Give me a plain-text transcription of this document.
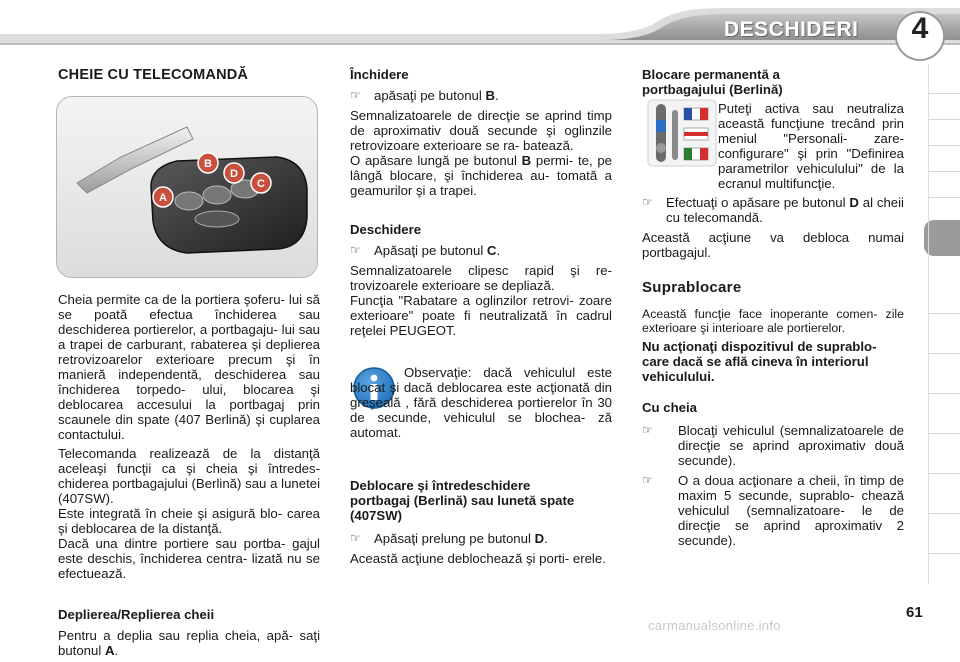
DESCHIDERI	4
CHEIE CU TELECOMANDĂ
B
D
C
A

Cheia permite ca de la portiera şoferu- lui să se poată efectua închiderea sau deschiderea portierelor, a portbagaju- lui sau a trapei de carburant, rabaterea şi deplierea retrovizoarelor exterioare precum şi în manieră independentă, deschiderea sau închiderea torpedo- ului, blocarea şi deblocarea accesului la portbagaj prin scaunele din spate (407 Berlină) şi cuplarea contactului.

Telecomanda realizează de la distanţă aceleaşi funcţii ca şi cheia şi întredes- chiderea portbagajului (Berlină) sau a lunetei (407SW).

Este integrată în cheie şi asigură blo- carea şi deblocarea de la distanţă.

Dacă una dintre portiere sau portba- gajul este deschis, închiderea centra- lizată nu se efectuează.

Deplierea/Replierea cheii

Pentru a deplia sau replia cheia, apă- saţi butonul A.

Închidere
☞ apăsaţi pe butonul B.

Semnalizatoarele de direcţie se aprind timp de aproximativ două secunde şi oglinzile retrovizoare exterioare se ra- batează.

O apăsare lungă pe butonul B permi- te, pe lângă blocare, şi închiderea au- tomată a geamurilor şi a trapei.

Deschidere
☞ Apăsaţi pe butonul C.

Semnalizatoarele clipesc rapid şi re- trovizoarele exterioare se depliază.

Funcţia "Rabatare a oglinzilor retrovi- zoare exterioare" poate fi neutralizată în cadrul reţelei PEUGEOT.

Observaţie: dacă vehiculul este blocat şi dacă deblocarea este acţionată din greşeală , fără deschiderea portierelor în 30 de secunde, vehiculul se blochea- ză automat.

Deblocare şi întredeschidere portbagaj (Berlină) sau lunetă spate (407SW)
☞ Apăsaţi prelung pe butonul D.

Această acţiune deblochează şi porti- erele.

Blocare permanentă a portbagajului (Berlină)

Puteţi activa sau neutraliza această funcţiune trecând prin meniul "Personali- zare-configurare" şi prin "Definirea parametrilor vehiculului" de la ecranul multifuncţie.

☞ Efectuaţi o apăsare pe butonul D al cheii cu telecomandă.

Această acţiune va debloca numai portbagajul.

Suprablocare

Această funcţie face inoperante comen- zile exterioare şi interioare ale portierelor.

Nu acţionaţi dispozitivul de suprablo- care dacă se află cineva în interiorul vehiculului.

Cu cheia
☞	Blocaţi vehiculul (semnalizatoarele de direcţie se aprind aproximativ două secunde).
☞	O a doua acţionare a cheii, în timp de maxim 5 secunde, suprablo- chează vehiculul (semnalizatoare- le de direcţie se aprind aproximativ 2 secunde).
61
carmanualsonline.info
